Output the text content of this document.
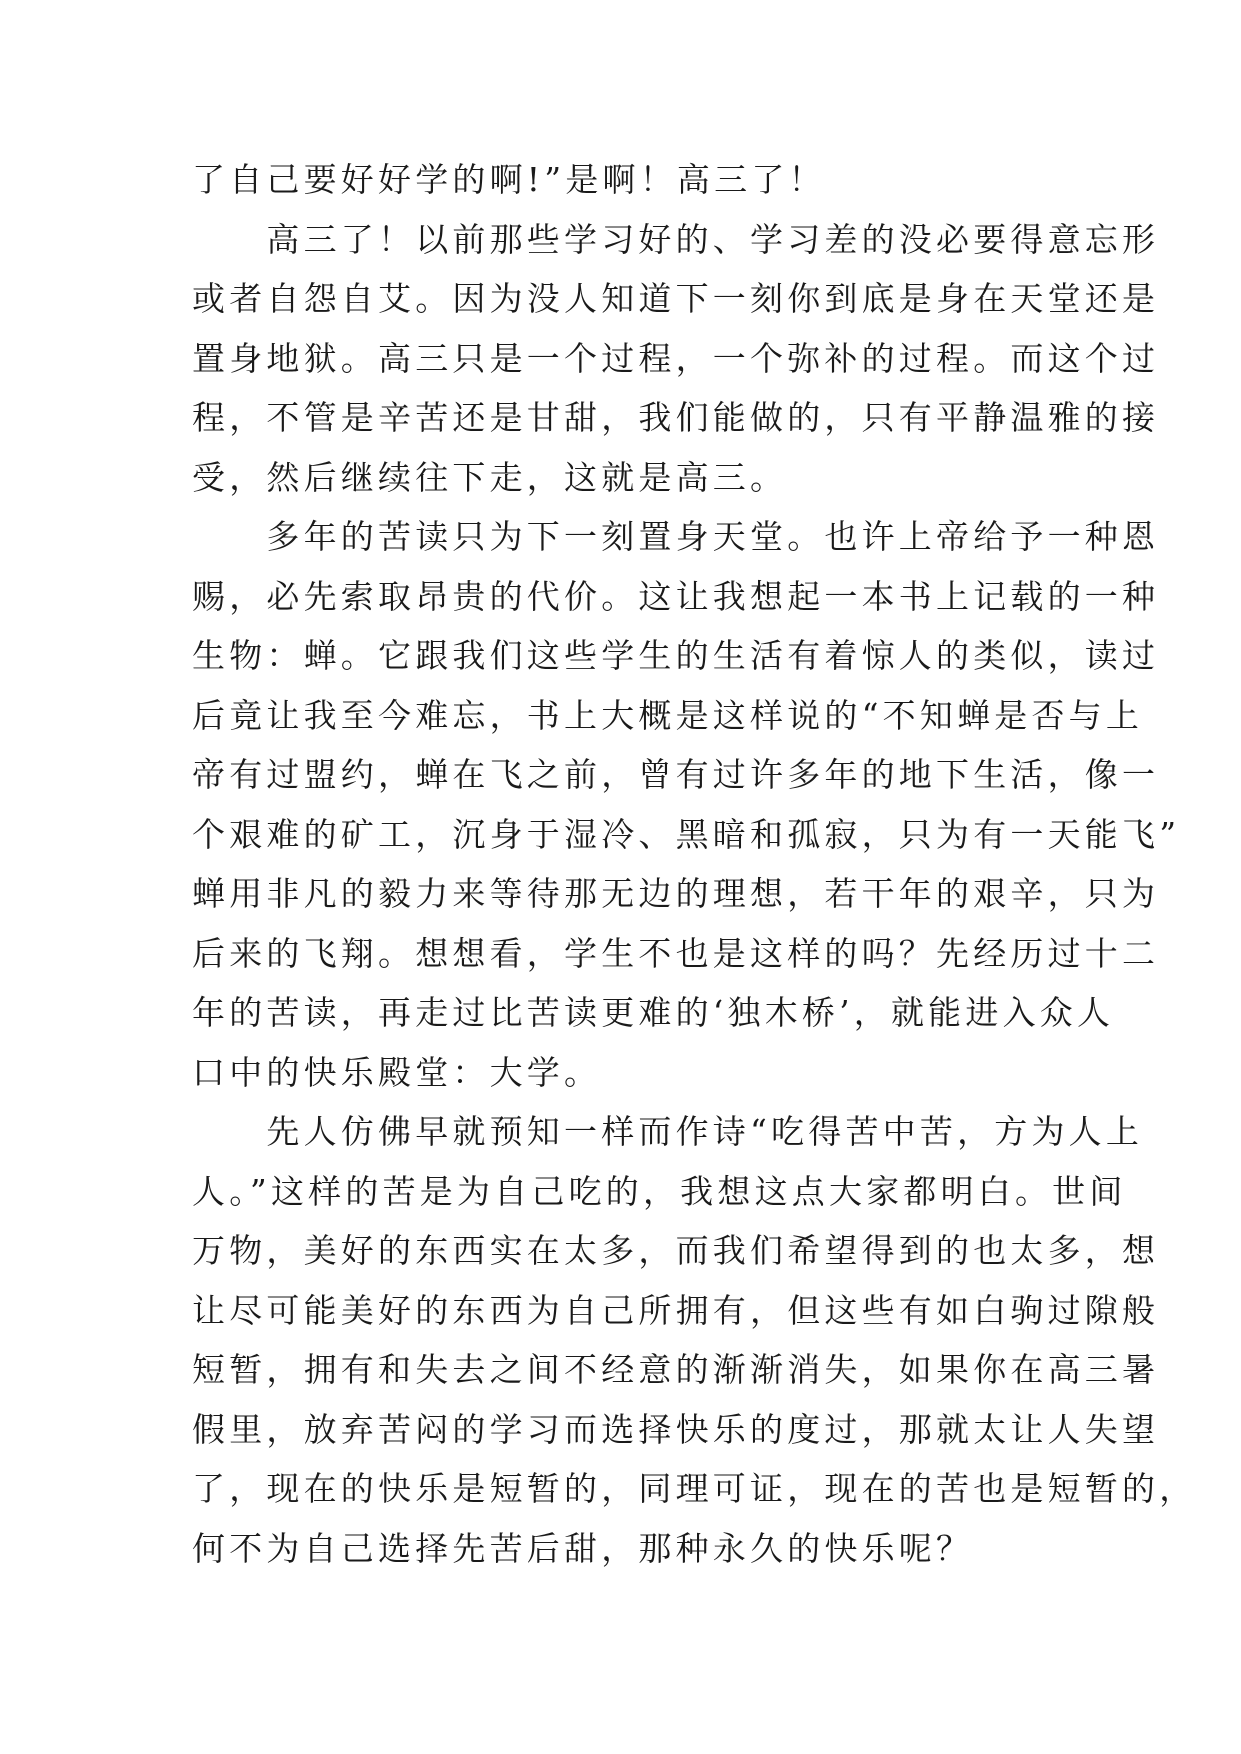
了自己要好好学的啊!”是啊！高三了！
　　高三了！以前那些学习好的、学习差的没必要得意忘形
或者自怨自艾。因为没人知道下一刻你到底是身在天堂还是
置身地狱。高三只是一个过程，一个弥补的过程。而这个过
程，不管是辛苦还是甘甜，我们能做的，只有平静温雅的接
受，然后继续往下走，这就是高三。
　　多年的苦读只为下一刻置身天堂。也许上帝给予一种恩
赐，必先索取昂贵的代价。这让我想起一本书上记载的一种
生物：蝉。它跟我们这些学生的生活有着惊人的类似，读过
后竟让我至今难忘，书上大概是这样说的“不知蝉是否与上
帝有过盟约，蝉在飞之前，曾有过许多年的地下生活，像一
个艰难的矿工，沉身于湿冷、黑暗和孤寂，只为有一天能飞”
蝉用非凡的毅力来等待那无边的理想，若干年的艰辛，只为
后来的飞翔。想想看，学生不也是这样的吗？先经历过十二
年的苦读，再走过比苦读更难的‘独木桥’，就能进入众人
口中的快乐殿堂：大学。
　　先人仿佛早就预知一样而作诗“吃得苦中苦，方为人上
人。”这样的苦是为自己吃的，我想这点大家都明白。世间
万物，美好的东西实在太多，而我们希望得到的也太多，想
让尽可能美好的东西为自己所拥有，但这些有如白驹过隙般
短暂，拥有和失去之间不经意的渐渐消失，如果你在高三暑
假里，放弃苦闷的学习而选择快乐的度过，那就太让人失望
了，现在的快乐是短暂的，同理可证，现在的苦也是短暂的，
何不为自己选择先苦后甜，那种永久的快乐呢？
